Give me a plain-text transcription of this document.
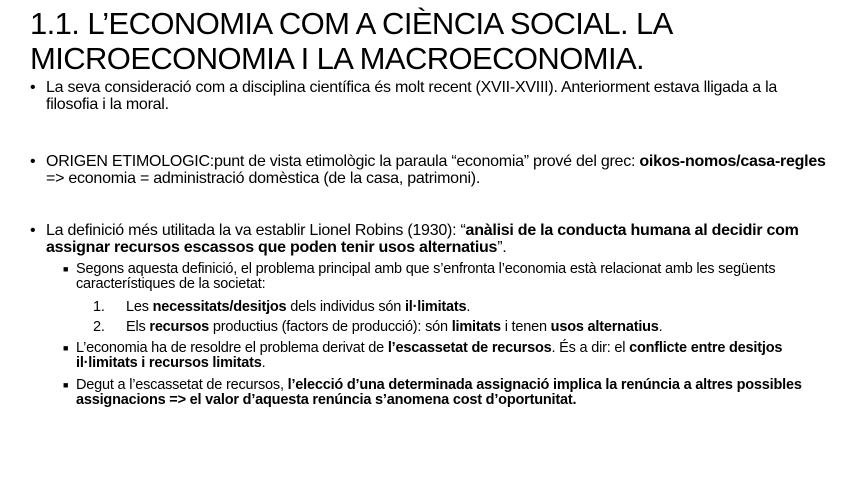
1.1. L’ECONOMIA COM A CIÈNCIA SOCIAL. LA MICROECONOMIA I LA MACROECONOMIA.
• La seva consideració com a disciplina científica és molt recent (XVII-XVIII). Anteriorment estava lligada a la filosofia i la moral.
• ORIGEN ETIMOLOGIC:punt de vista etimològic la paraula “economia” prové del grec: oikos-nomos/casa-regles => economia = administració domèstica (de la casa, patrimoni).
• La definició més utilitada la va establir Lionel Robins (1930): “anàlisi de la conducta humana al decidir com assignar recursos escassos que poden tenir usos alternatius”.
■ Segons aquesta definició, el problema principal amb que s’enfronta l’economia està relacionat amb les següents característiques de la societat:
1. Les necessitats/desitjos dels individus són il·limitats.
2. Els recursos productius (factors de producció): són limitats i tenen usos alternatius.
■ L’economia ha de resoldre el problema derivat de l’escassetat de recursos. És a dir: el conflicte entre desitjos il·limitats i recursos limitats.
■ Degut a l’escassetat de recursos, l’elecció d’una determinada assignació implica la renúncia a altres possibles assignacions => el valor d’aquesta renúncia s’anomena cost d’oportunitat.
